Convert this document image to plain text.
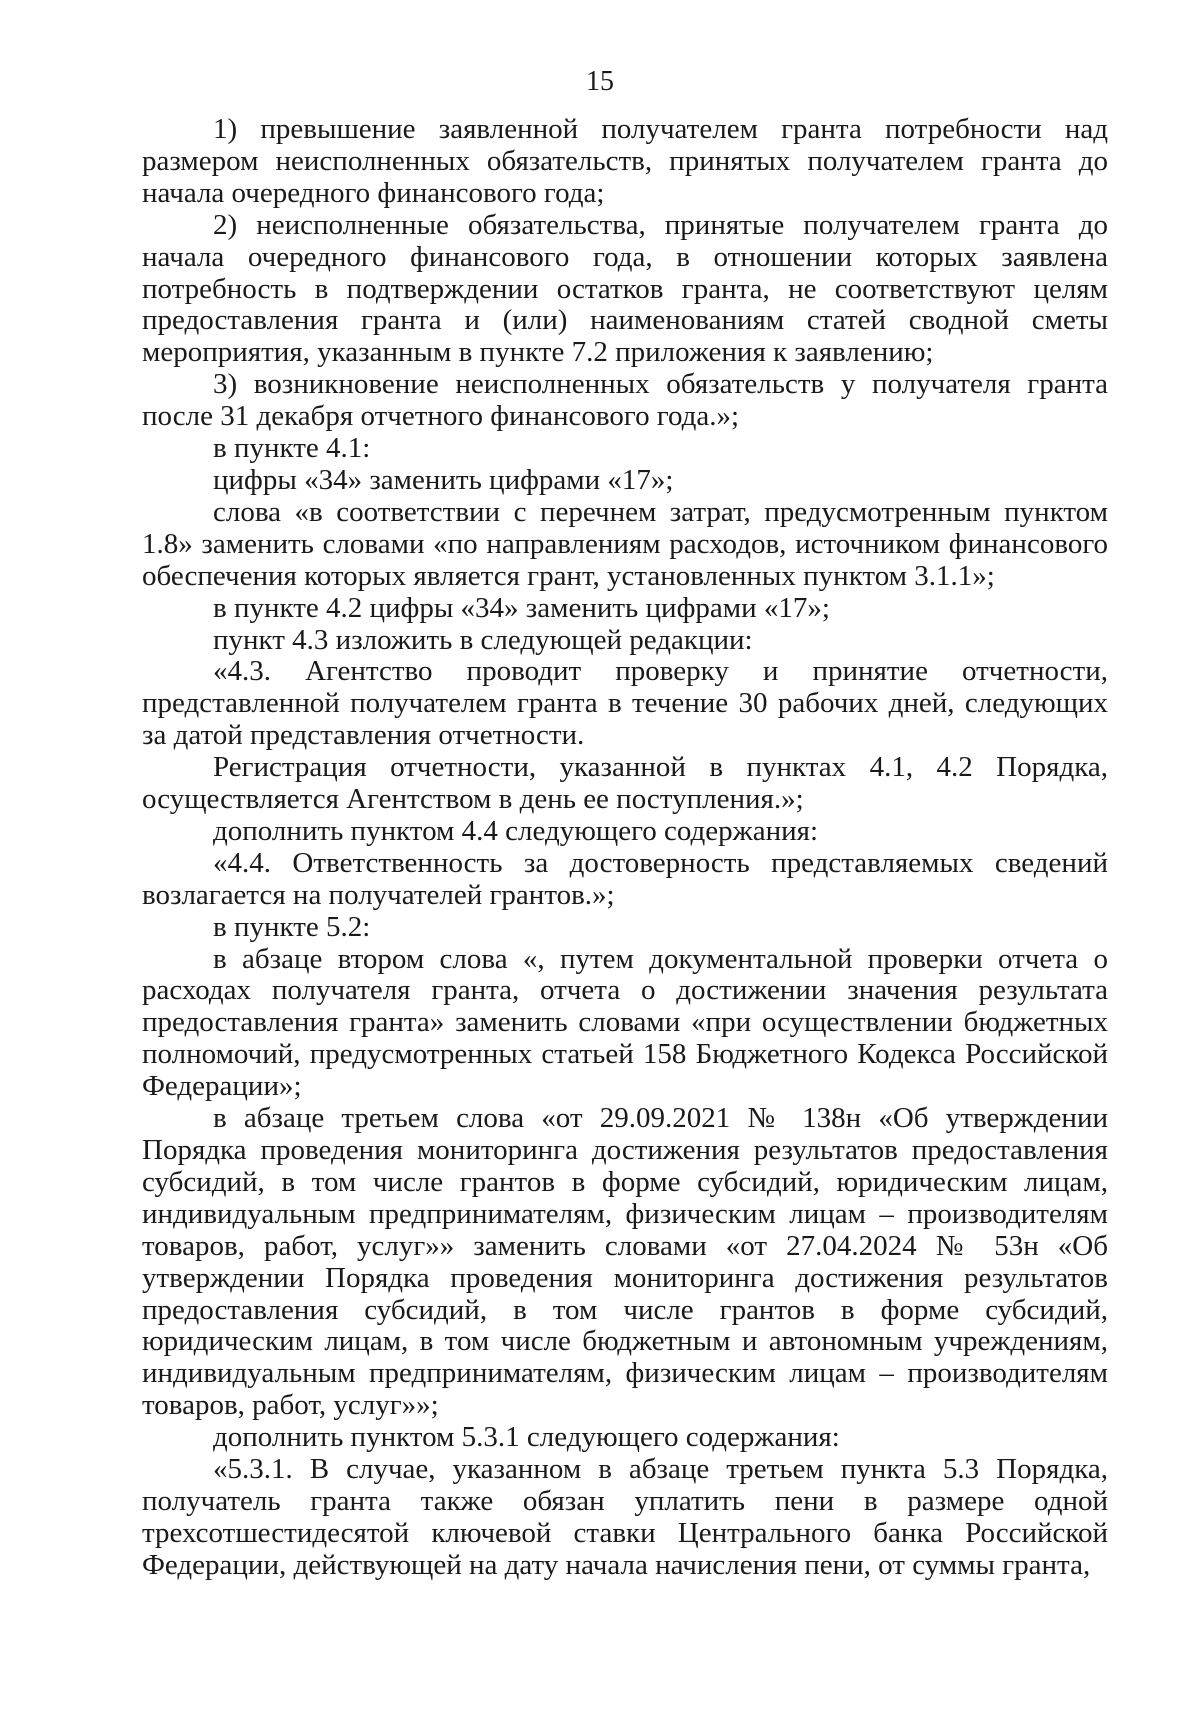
15

1) превышение заявленной получателем гранта потребности над размером неисполненных обязательств, принятых получателем гранта до начала очередного финансового года;

2) неисполненные обязательства, принятые получателем гранта до начала очередного финансового года, в отношении которых заявлена потребность в подтверждении остатков гранта, не соответствуют целям предоставления гранта и (или) наименованиям статей сводной сметы мероприятия, указанным в пункте 7.2 приложения к заявлению;

3) возникновение неисполненных обязательств у получателя гранта после 31 декабря отчетного финансового года.»;

в пункте 4.1:

цифры «34» заменить цифрами «17»;

слова «в соответствии с перечнем затрат, предусмотренным пунктом 1.8» заменить словами «по направлениям расходов, источником финансового обеспечения которых является грант, установленных пунктом 3.1.1»;

в пункте 4.2 цифры «34» заменить цифрами «17»;

пункт 4.3 изложить в следующей редакции:

«4.3. Агентство проводит проверку и принятие отчетности, представленной получателем гранта в течение 30 рабочих дней, следующих за датой представления отчетности.

Регистрация отчетности, указанной в пунктах 4.1, 4.2 Порядка, осуществляется Агентством в день ее поступления.»;

дополнить пунктом 4.4 следующего содержания:

«4.4. Ответственность за достоверность представляемых сведений возлагается на получателей грантов.»;

в пункте 5.2:

в абзаце втором слова «, путем документальной проверки отчета о расходах получателя гранта, отчета о достижении значения результата предоставления гранта» заменить словами «при осуществлении бюджетных полномочий, предусмотренных статьей 158 Бюджетного Кодекса Российской Федерации»;

в абзаце третьем слова «от 29.09.2021 № 138н «Об утверждении Порядка проведения мониторинга достижения результатов предоставления субсидий, в том числе грантов в форме субсидий, юридическим лицам, индивидуальным предпринимателям, физическим лицам – производителям товаров, работ, услуг»» заменить словами «от 27.04.2024 № 53н «Об утверждении Порядка проведения мониторинга достижения результатов предоставления субсидий, в том числе грантов в форме субсидий, юридическим лицам, в том числе бюджетным и автономным учреждениям, индивидуальным предпринимателям, физическим лицам – производителям товаров, работ, услуг»»;

дополнить пунктом 5.3.1 следующего содержания:

«5.3.1. В случае, указанном в абзаце третьем пункта 5.3 Порядка, получатель гранта также обязан уплатить пени в размере одной трехсотшестидесятой ключевой ставки Центрального банка Российской Федерации, действующей на дату начала начисления пени, от суммы гранта,
